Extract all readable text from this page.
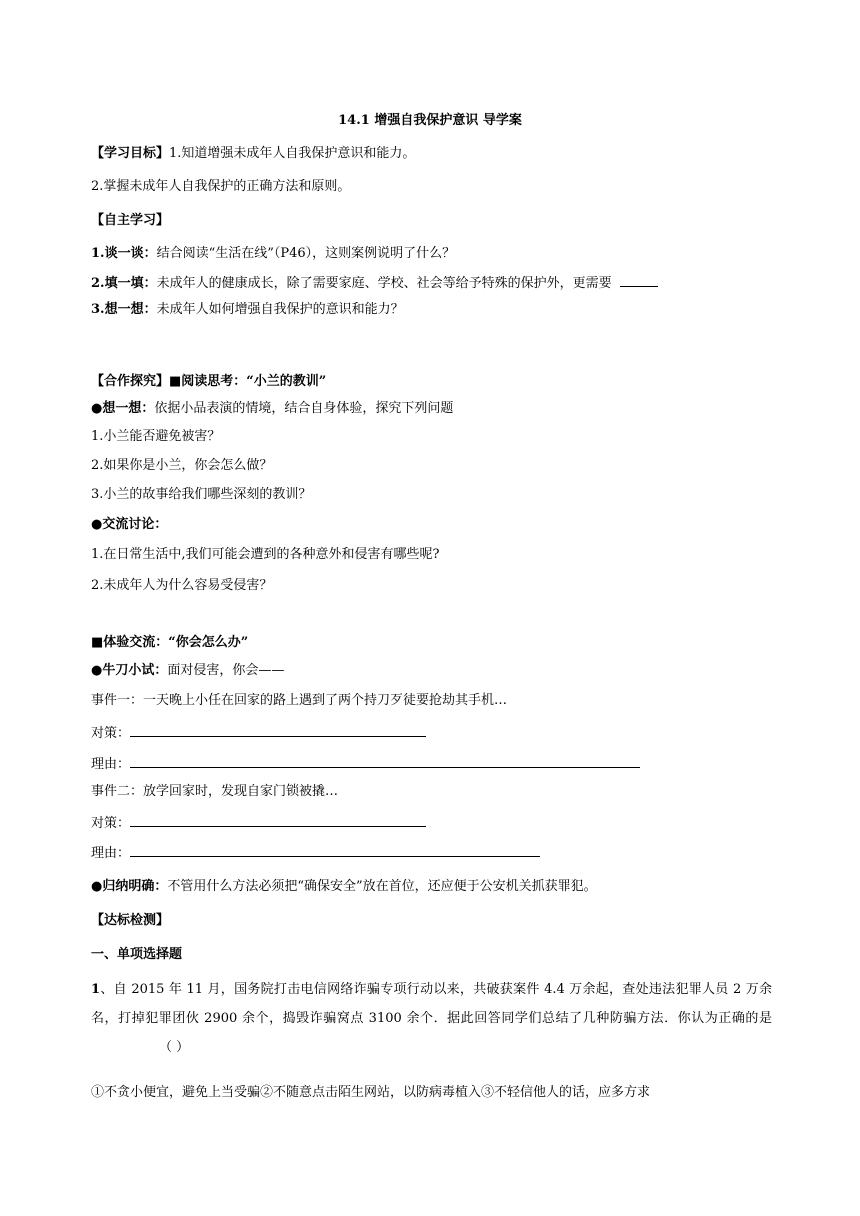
14.1 增强自我保护意识 导学案
【学习目标】1.知道增强未成年人自我保护意识和能力。
2.掌握未成年人自我保护的正确方法和原则。
【自主学习】
1.谈一谈：结合阅读“生活在线”（P46），这则案例说明了什么？
2.填一填：未成年人的健康成长，除了需要家庭、学校、社会等给予特殊的保护外，更需要
3.想一想：未成年人如何增强自我保护的意识和能力？
【合作探究】■阅读思考：“小兰的教训”
●想一想：依据小品表演的情境，结合自身体验，探究下列问题
1.小兰能否避免被害？
2.如果你是小兰，你会怎么做？
3.小兰的故事给我们哪些深刻的教训？
●交流讨论：
1.在日常生活中,我们可能会遭到的各种意外和侵害有哪些呢?
2.未成年人为什么容易受侵害？
■体验交流：“你会怎么办”
●牛刀小试：面对侵害，你会——
事件一：一天晚上小任在回家的路上遇到了两个持刀歹徒要抢劫其手机…
对策：
理由：
事件二：放学回家时，发现自家门锁被撬…
对策：
理由：
●归纳明确：不管用什么方法必须把“确保安全”放在首位，还应便于公安机关抓获罪犯。
【达标检测】
一、单项选择题
1、自 2015 年 11 月，国务院打击电信网络诈骗专项行动以来，共破获案件 4.4 万余起，查处违法犯罪人员 2 万余名，打掉犯罪团伙 2900 余个，捣毁诈骗窝点 3100 余个．据此回答同学们总结了几种防骗方法．你认为正确的是（ ）
①不贪小便宜，避免上当受骗②不随意点击陌生网站，以防病毒植入③不轻信他人的话，应多方求
